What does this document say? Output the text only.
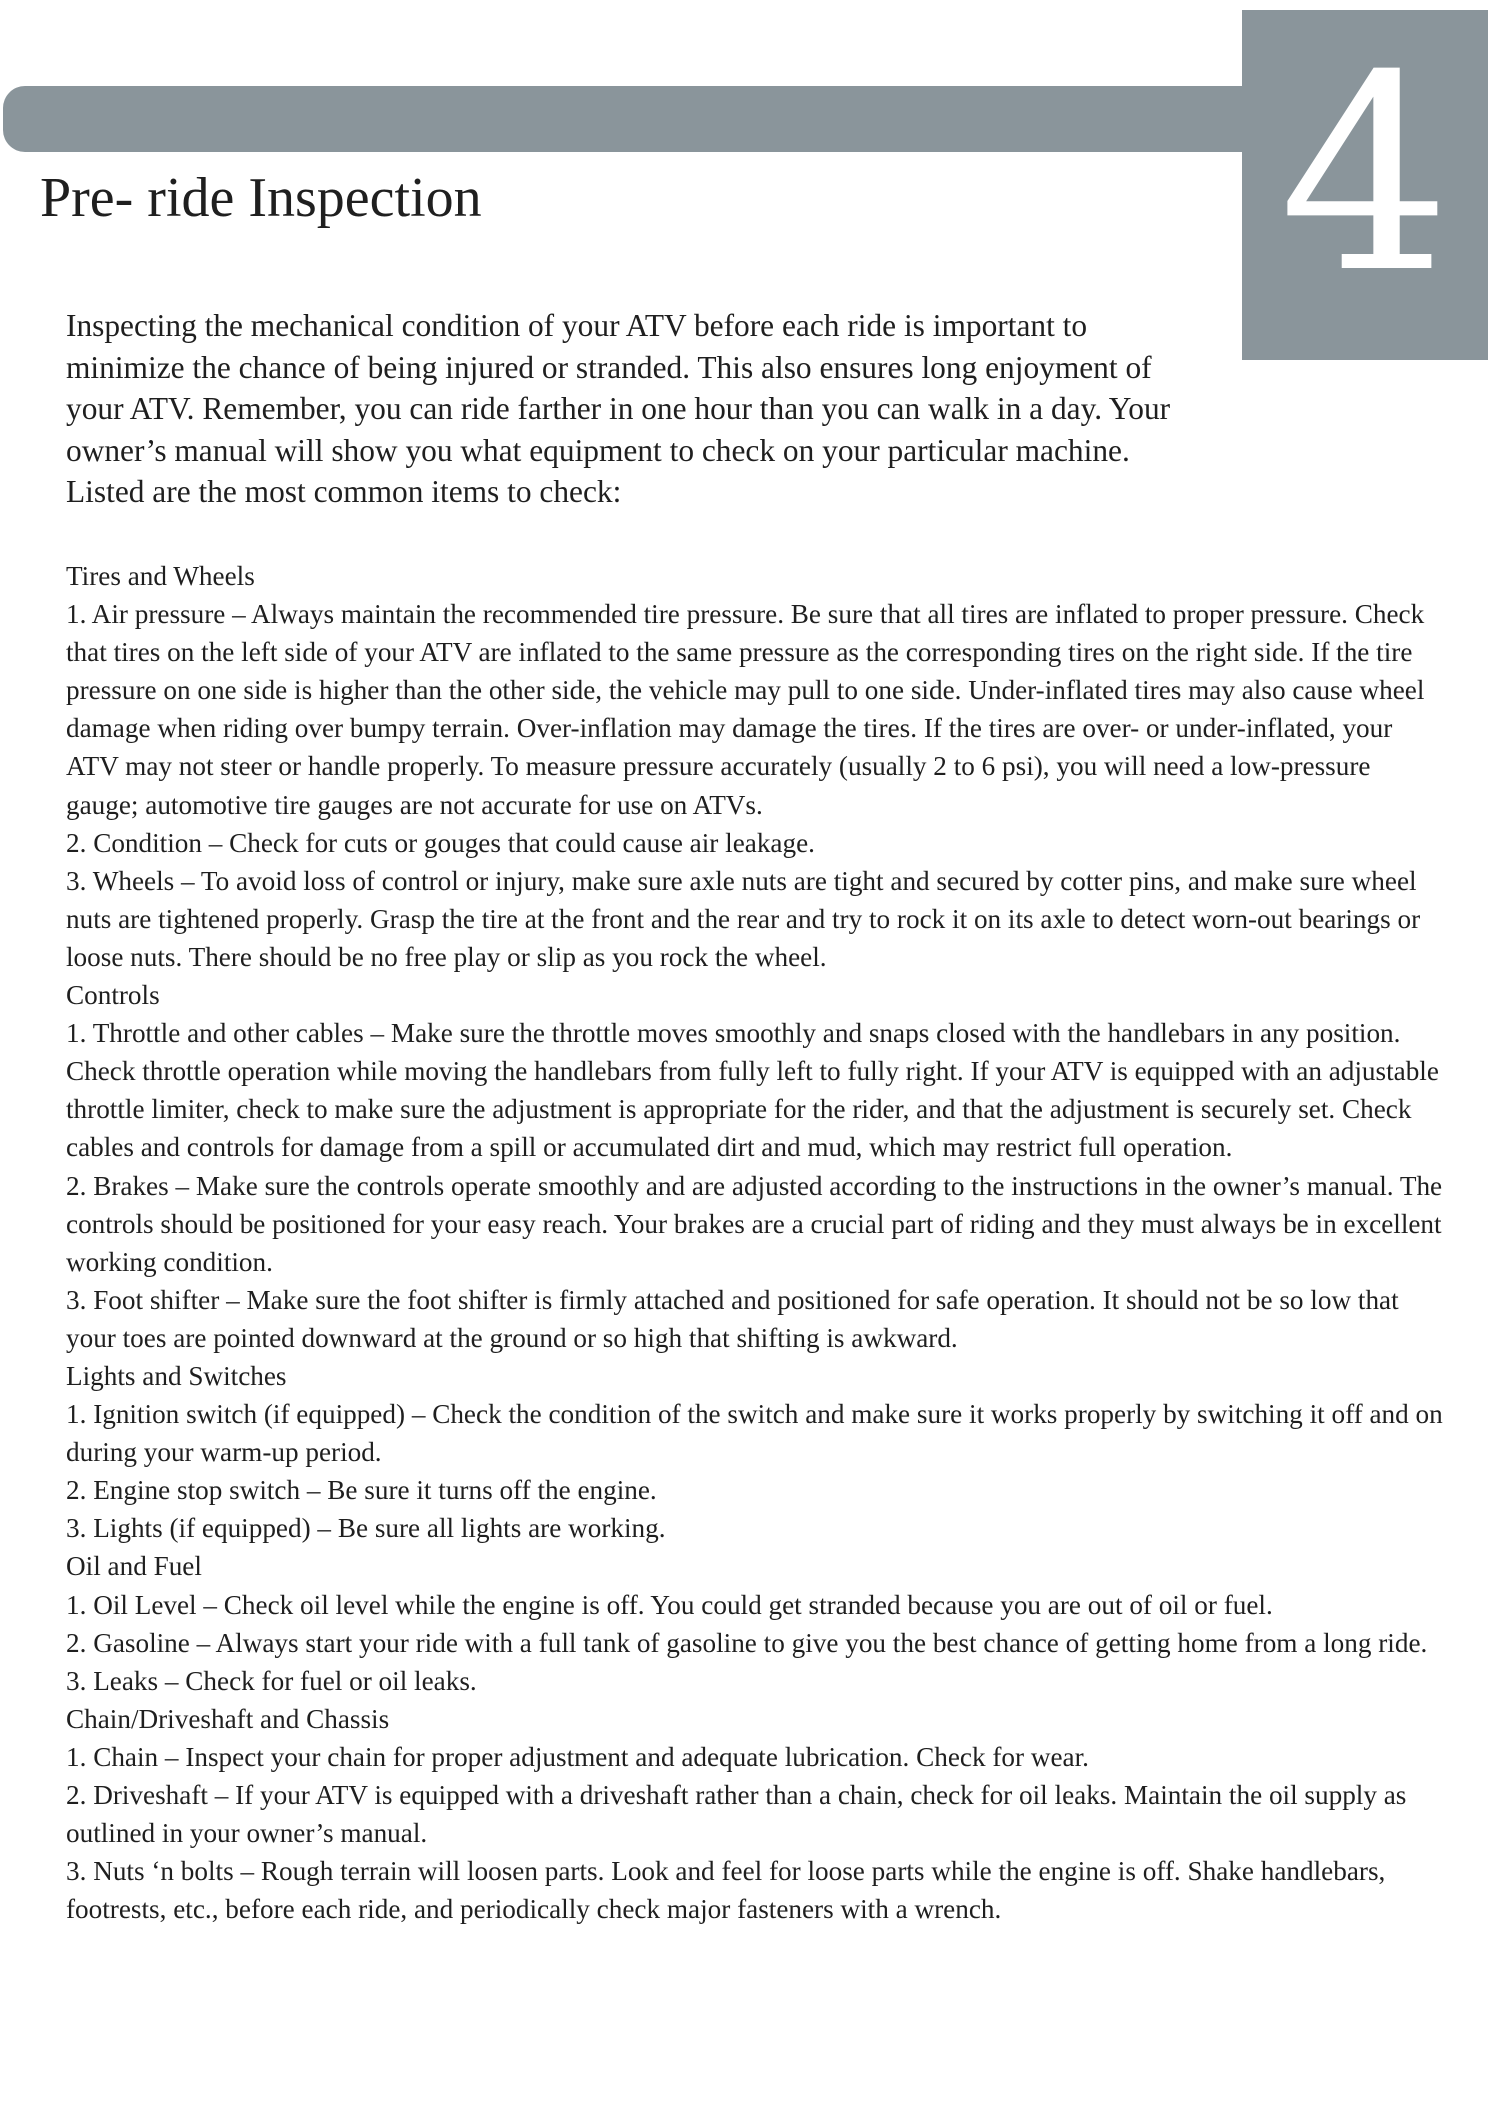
4
Pre- ride Inspection

Inspecting the mechanical condition of your ATV before each ride is important to minimize the chance of being injured or stranded. This also ensures long enjoyment of your ATV. Remember, you can ride farther in one hour than you can walk in a day. Your owner’s manual will show you what equipment to check on your particular machine. Listed are the most common items to check:

Tires and Wheels

1. Air pressure – Always maintain the recommended tire pressure. Be sure that all tires are inflated to proper pressure. Check that tires on the left side of your ATV are inflated to the same pressure as the corresponding tires on the right side. If the tire pressure on one side is higher than the other side, the vehicle may pull to one side. Under-inflated tires may also cause wheel damage when riding over bumpy terrain. Over-inflation may damage the tires. If the tires are over- or under-inflated, your ATV may not steer or handle properly. To measure pressure accurately (usually 2 to 6 psi), you will need a low-pressure gauge; automotive tire gauges are not accurate for use on ATVs.

2. Condition – Check for cuts or gouges that could cause air leakage.

3. Wheels – To avoid loss of control or injury, make sure axle nuts are tight and secured by cotter pins, and make sure wheel nuts are tightened properly. Grasp the tire at the front and the rear and try to rock it on its axle to detect worn-out bearings or loose nuts. There should be no free play or slip as you rock the wheel.

Controls

1. Throttle and other cables – Make sure the throttle moves smoothly and snaps closed with the handlebars in any position. Check throttle operation while moving the handlebars from fully left to fully right. If your ATV is equipped with an adjustable throttle limiter, check to make sure the adjustment is appropriate for the rider, and that the adjustment is securely set. Check cables and controls for damage from a spill or accumulated dirt and mud, which may restrict full operation.

2. Brakes – Make sure the controls operate smoothly and are adjusted according to the instructions in the owner’s manual. The controls should be positioned for your easy reach. Your brakes are a crucial part of riding and they must always be in excellent working condition.

3. Foot shifter – Make sure the foot shifter is firmly attached and positioned for safe operation. It should not be so low that your toes are pointed downward at the ground or so high that shifting is awkward.

Lights and Switches

1. Ignition switch (if equipped) – Check the condition of the switch and make sure it works properly by switching it off and on during your warm-up period.

2. Engine stop switch – Be sure it turns off the engine.

3. Lights (if equipped) – Be sure all lights are working.

Oil and Fuel

1. Oil Level – Check oil level while the engine is off. You could get stranded because you are out of oil or fuel.

2. Gasoline – Always start your ride with a full tank of gasoline to give you the best chance of getting home from a long ride.

3. Leaks – Check for fuel or oil leaks.

Chain/Driveshaft and Chassis

1. Chain – Inspect your chain for proper adjustment and adequate lubrication. Check for wear.

2. Driveshaft – If your ATV is equipped with a driveshaft rather than a chain, check for oil leaks. Maintain the oil supply as outlined in your owner’s manual.

3. Nuts ‘n bolts – Rough terrain will loosen parts. Look and feel for loose parts while the engine is off. Shake handlebars, footrests, etc., before each ride, and periodically check major fasteners with a wrench.
